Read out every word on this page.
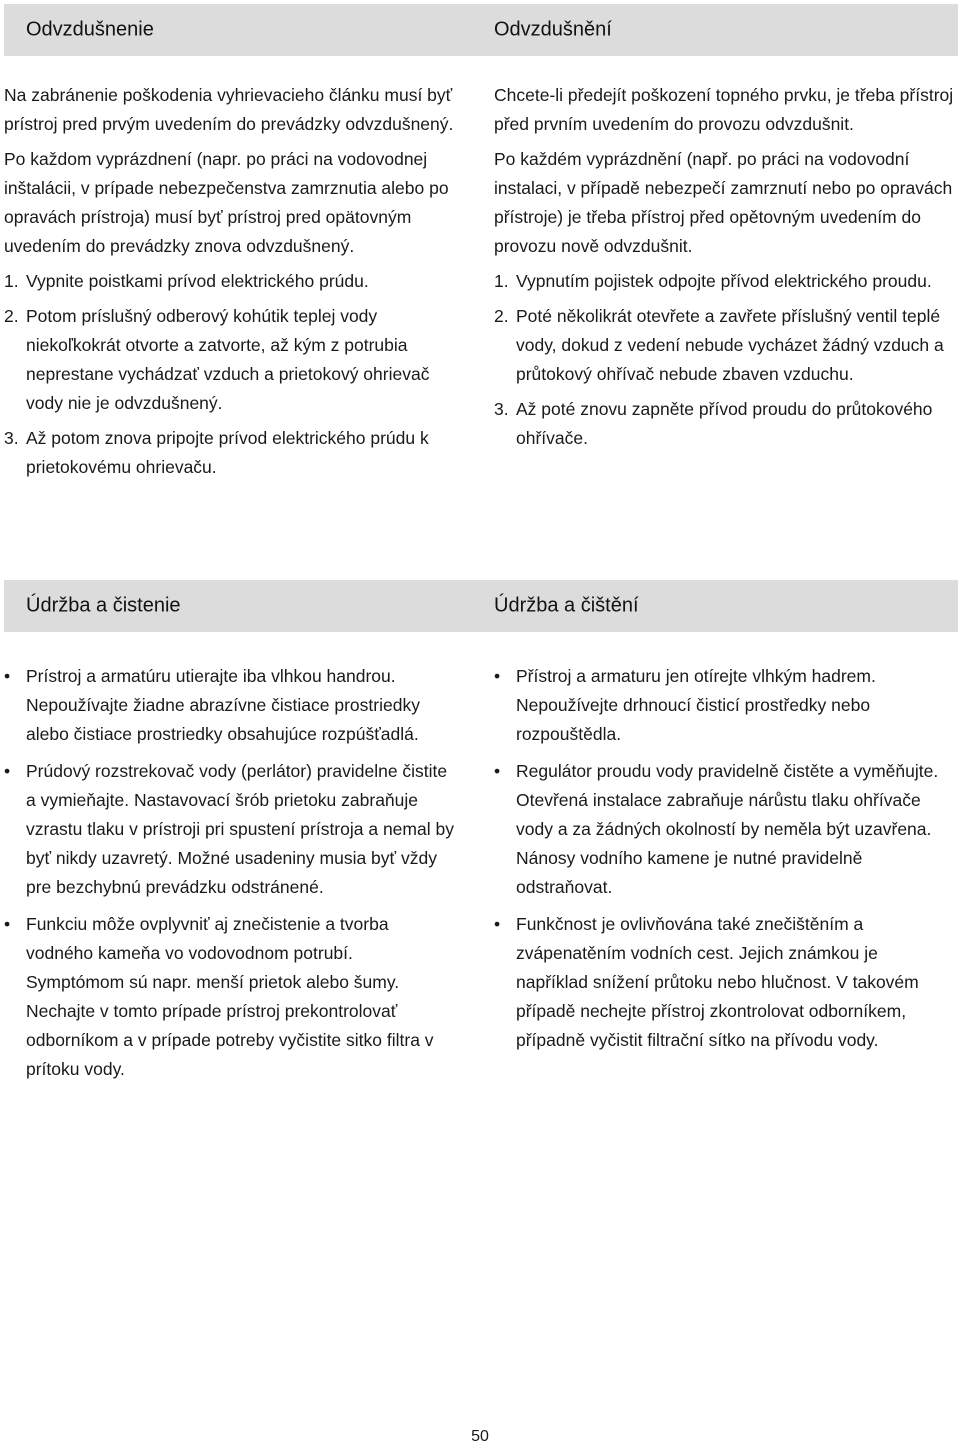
Odvzdušnenie	Odvzdušnění

Na zabránenie poškodenia vyhrievacieho článku musí byť prístroj pred prvým uvedením do prevádzky odvzdušnený.

Po každom vyprázdnení (napr. po práci na vodovodnej inštalácii, v prípade nebezpečenstva zamrznutia alebo po opravách prístroja) musí byť prístroj pred opätovným uvedením do prevádzky znova odvzdušnený.

1. Vypnite poistkami prívod elektrického prúdu.

2. Potom príslušný odberový kohútik teplej vody niekoľkokrát otvorte a zatvorte, až kým z potrubia neprestane vychádzať vzduch a prietokový ohrievač vody nie je odvzdušnený.

3. Až potom znova pripojte prívod elektrického prúdu k prietokovému ohrievaču.

Chcete-li předejít poškození topného prvku, je třeba přístroj před prvním uvedením do provozu odvzdušnit.

Po každém vyprázdnění (např. po práci na vodovodní instalaci, v případě nebezpečí zamrznutí nebo po opravách přístroje) je třeba přístroj před opětovným uvedením do provozu nově odvzdušnit.

1. Vypnutím pojistek odpojte přívod elektrického proudu.

2. Poté několikrát otevřete a zavřete příslušný ventil teplé vody, dokud z vedení nebude vycházet žádný vzduch a průtokový ohřívač nebude zbaven vzduchu.

3. Až poté znovu zapněte přívod proudu do průtokového ohřívače.

Údržba a čistenie	Údržba a čištění
• Prístroj a armatúru utierajte iba vlhkou handrou. Nepoužívajte žiadne abrazívne čistiace prostriedky alebo čistiace prostriedky obsahujúce rozpúšťadlá.
• Prúdový rozstrekovač vody (perlátor) pravidelne čistite a vymieňajte. Nastavovací šrób prietoku zabraňuje vzrastu tlaku v prístroji pri spustení prístroja a nemal by byť nikdy uzavretý. Možné usadeniny musia byť vždy pre bezchybnú prevádzku odstránené.
• Funkciu môže ovplyvniť aj znečistenie a tvorba vodného kameňa vo vodovodnom potrubí. Symptómom sú napr. menší prietok alebo šumy. Nechajte v tomto prípade prístroj prekontrolovať odborníkom a v prípade potreby vyčistite sitko filtra v prítoku vody.
• Přístroj a armaturu jen otírejte vlhkým hadrem. Nepoužívejte drhnoucí čisticí prostředky nebo rozpouštědla.
• Regulátor proudu vody pravidelně čistěte a vyměňujte. Otevřená instalace zabraňuje nárůstu tlaku ohřívače vody a za žádných okolností by neměla být uzavřena. Nánosy vodního kamene je nutné pravidelně odstraňovat.
• Funkčnost je ovlivňována také znečištěním a zvápenatěním vodních cest. Jejich známkou je například snížení průtoku nebo hlučnost. V takovém případě nechejte přístroj zkontrolovat odborníkem, případně vyčistit filtrační sítko na přívodu vody.
50
